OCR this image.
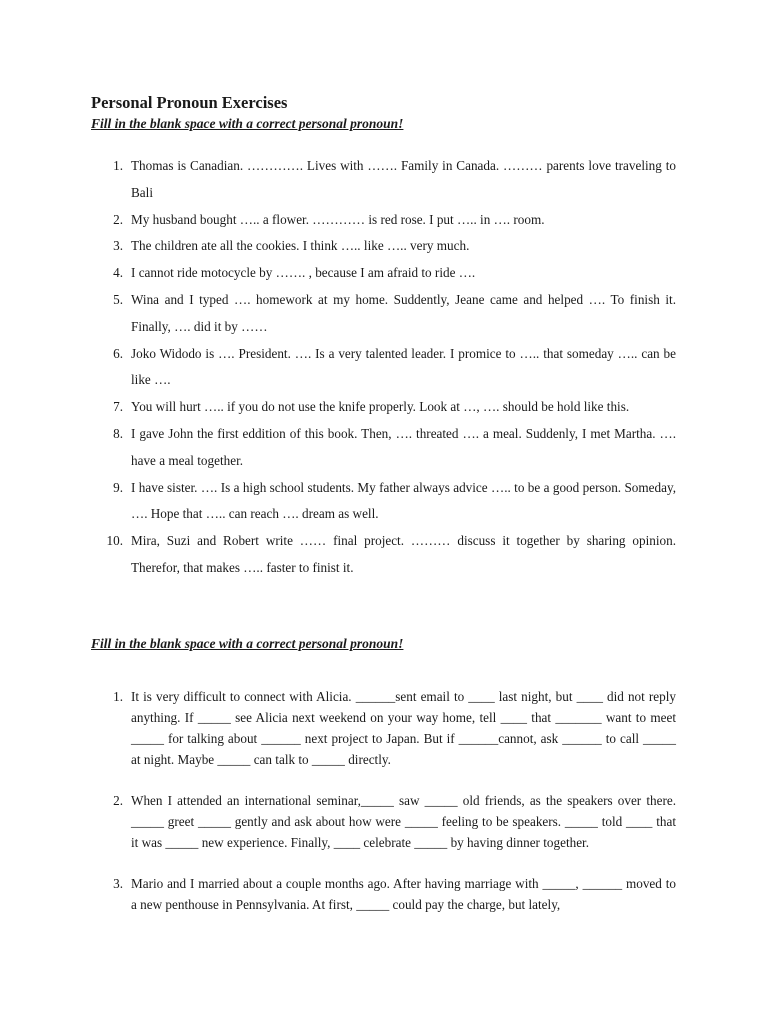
Personal Pronoun Exercises

Fill in the blank space with a correct personal pronoun!

1. Thomas is Canadian. …………. Lives with ……. Family in Canada. ……… parents love traveling to Bali
2. My husband bought ….. a flower. ………… is red rose. I put ….. in …. room.
3. The children ate all the cookies. I think ….. like ….. very much.
4. I cannot ride motocycle by ……. , because I am afraid to ride ….
5. Wina and I typed …. homework at my home. Suddently, Jeane came and helped …. To finish it. Finally, …. did it by ……
6. Joko Widodo is …. President. …. Is a very talented leader. I promice to ….. that someday ….. can be like ….
7. You will hurt ….. if you do not use the knife properly. Look at …, …. should be hold like this.
8. I gave John the first eddition of this book. Then, …. threated …. a meal. Suddenly, I met Martha. …. have a meal together.
9. I have sister. …. Is a high school students. My father always advice ….. to be a good person. Someday, …. Hope that ….. can reach …. dream as well.
10. Mira, Suzi and Robert write …… final project. ……… discuss it together by sharing opinion. Therefor, that makes ….. faster to finist it.

Fill in the blank space with a correct personal pronoun!

1. It is very difficult to connect with Alicia. ______sent email to ____ last night, but ____ did not reply anything. If _____ see Alicia next weekend on your way home, tell ____ that _______ want to meet _____ for talking about ______ next project to Japan. But if ______cannot, ask ______ to call _____ at night. Maybe _____ can talk to _____ directly.
2. When I attended an international seminar,_____ saw _____ old friends, as the speakers over there. _____ greet _____ gently and ask about how were _____ feeling to be speakers. _____ told ____ that it was _____ new experience. Finally, ____ celebrate _____ by having dinner together.
3. Mario and I married about a couple months ago. After having marriage with _____, ______ moved to a new penthouse in Pennsylvania. At first, _____ could pay the charge, but lately,
